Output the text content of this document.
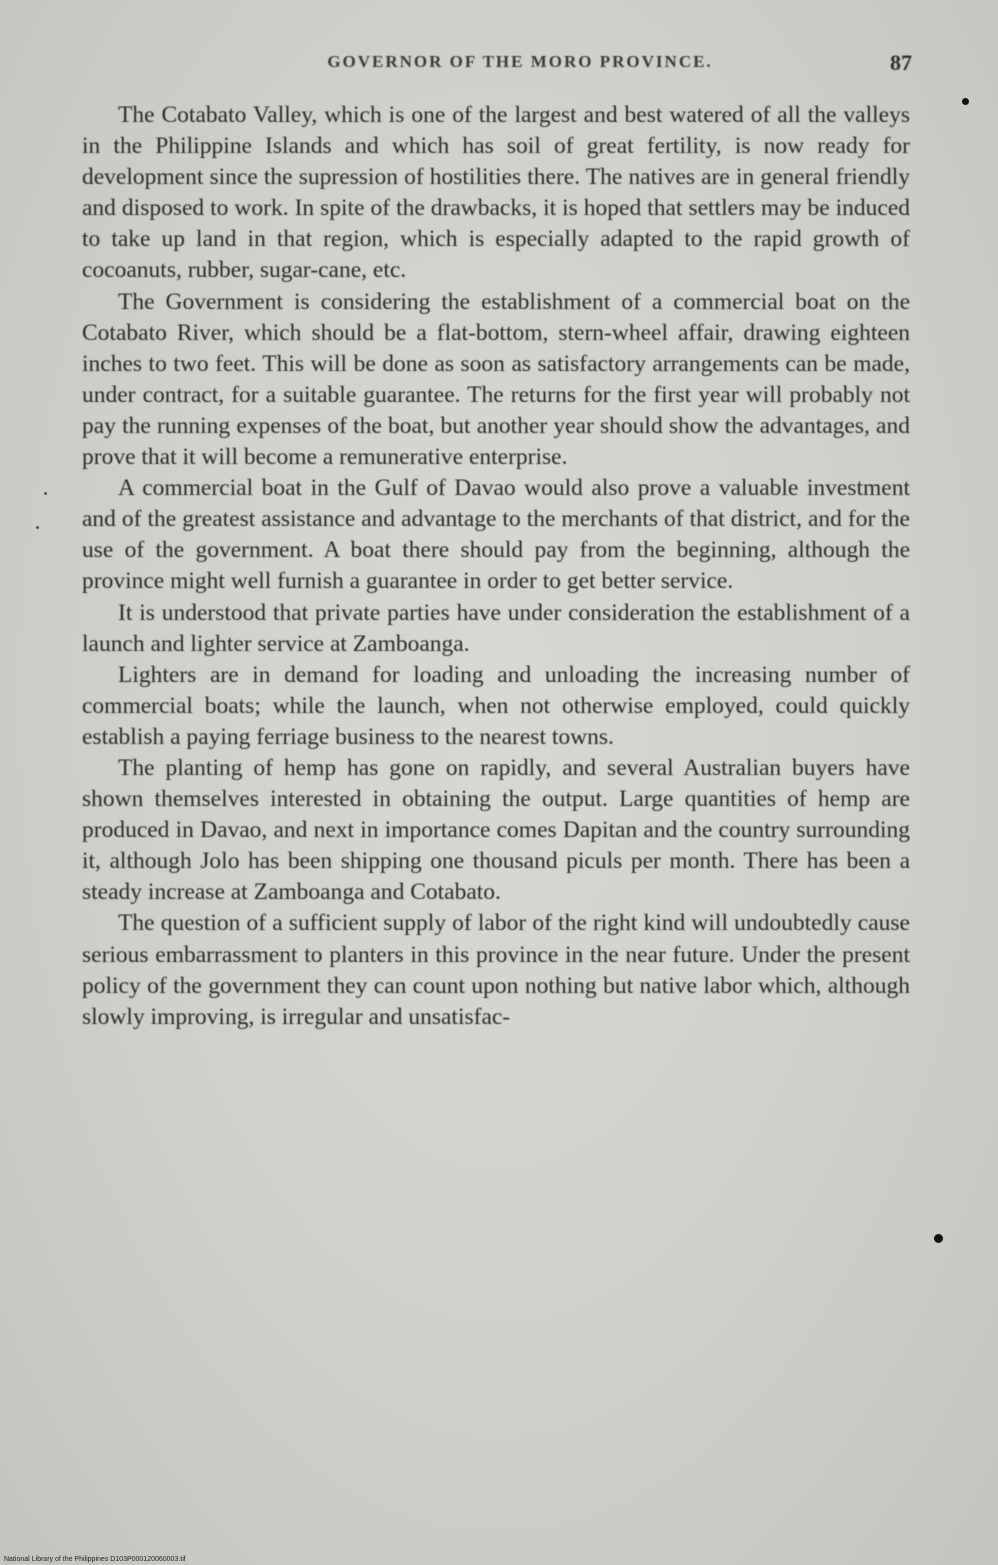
GOVERNOR OF THE MORO PROVINCE.	87

The Cotabato Valley, which is one of the largest and best watered of all the valleys in the Philippine Islands and which has soil of great fertility, is now ready for development since the supression of hostilities there. The natives are in general friendly and disposed to work. In spite of the drawbacks, it is hoped that settlers may be induced to take up land in that region, which is especially adapted to the rapid growth of cocoanuts, rubber, sugar-cane, etc.

The Government is considering the establishment of a commercial boat on the Cotabato River, which should be a flat-bottom, stern-wheel affair, drawing eighteen inches to two feet. This will be done as soon as satisfactory arrangements can be made, under contract, for a suitable guarantee. The returns for the first year will probably not pay the running expenses of the boat, but another year should show the advantages, and prove that it will become a remunerative enterprise.

A commercial boat in the Gulf of Davao would also prove a valuable investment and of the greatest assistance and advantage to the merchants of that district, and for the use of the government. A boat there should pay from the beginning, although the province might well furnish a guarantee in order to get better service.

It is understood that private parties have under consideration the establishment of a launch and lighter service at Zamboanga.

Lighters are in demand for loading and unloading the increasing number of commercial boats; while the launch, when not otherwise employed, could quickly establish a paying ferriage business to the nearest towns.

The planting of hemp has gone on rapidly, and several Australian buyers have shown themselves interested in obtaining the output. Large quantities of hemp are produced in Davao, and next in importance comes Dapitan and the country surrounding it, although Jolo has been shipping one thousand piculs per month. There has been a steady increase at Zamboanga and Cotabato.

The question of a sufficient supply of labor of the right kind will undoubtedly cause serious embarrassment to planters in this province in the near future. Under the present policy of the government they can count upon nothing but native labor which, although slowly improving, is irregular and unsatisfac-

National Library of the Philippines D103P000120060003.tif
